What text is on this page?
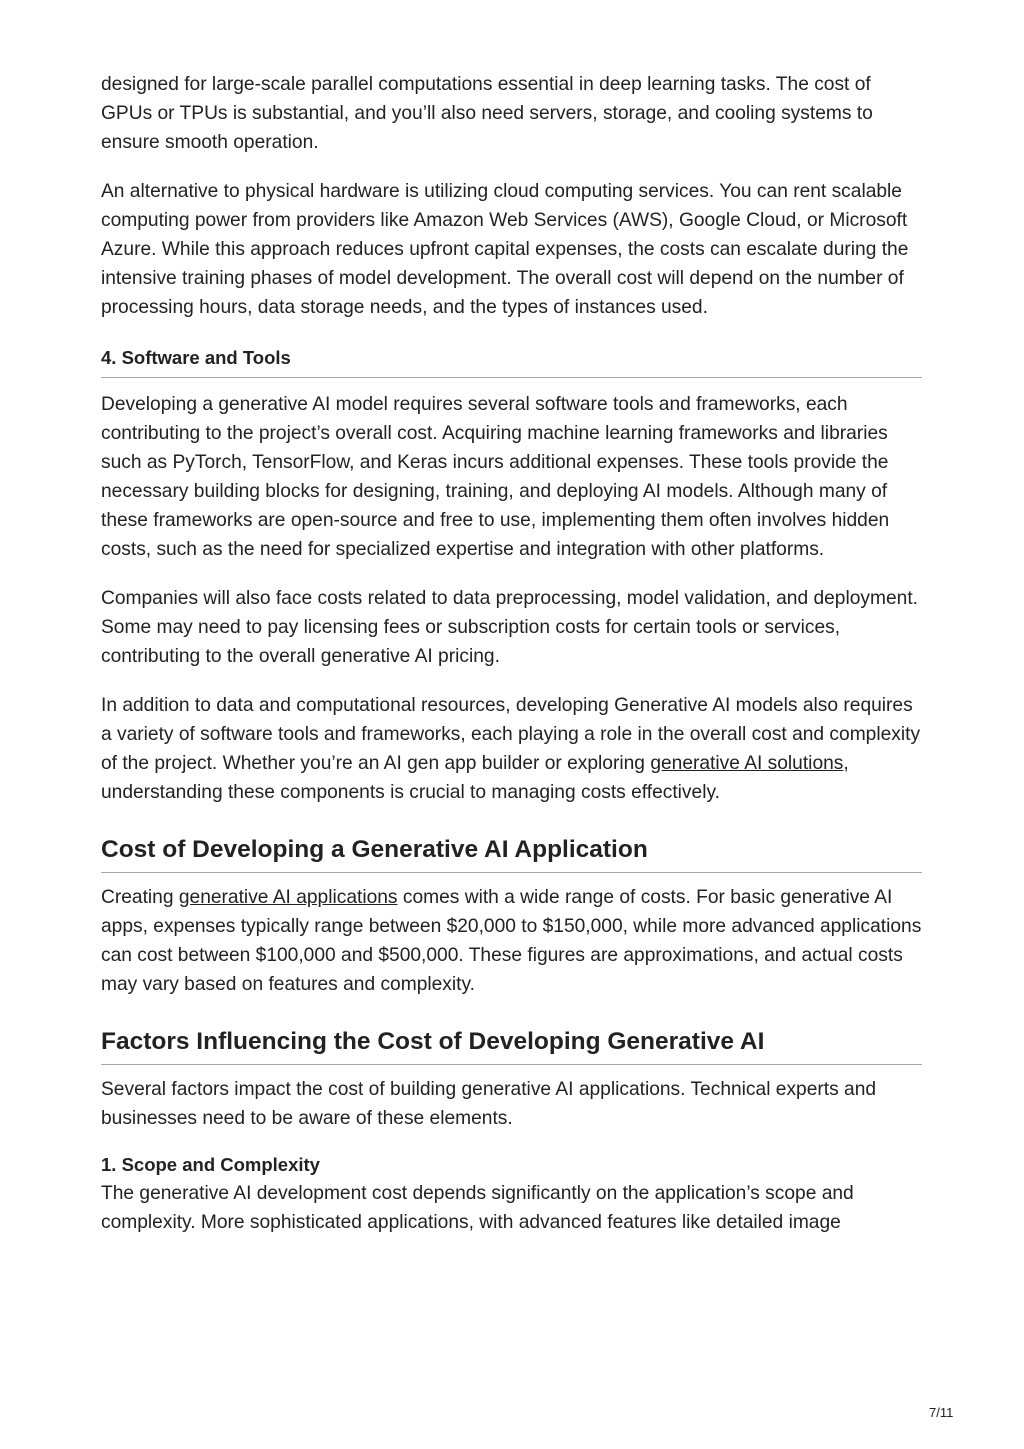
designed for large-scale parallel computations essential in deep learning tasks. The cost of GPUs or TPUs is substantial, and you’ll also need servers, storage, and cooling systems to ensure smooth operation.

An alternative to physical hardware is utilizing cloud computing services. You can rent scalable computing power from providers like Amazon Web Services (AWS), Google Cloud, or Microsoft Azure. While this approach reduces upfront capital expenses, the costs can escalate during the intensive training phases of model development. The overall cost will depend on the number of processing hours, data storage needs, and the types of instances used.

4. Software and Tools

Developing a generative AI model requires several software tools and frameworks, each contributing to the project’s overall cost. Acquiring machine learning frameworks and libraries such as PyTorch, TensorFlow, and Keras incurs additional expenses. These tools provide the necessary building blocks for designing, training, and deploying AI models. Although many of these frameworks are open-source and free to use, implementing them often involves hidden costs, such as the need for specialized expertise and integration with other platforms.

Companies will also face costs related to data preprocessing, model validation, and deployment. Some may need to pay licensing fees or subscription costs for certain tools or services, contributing to the overall generative AI pricing.

In addition to data and computational resources, developing Generative AI models also requires a variety of software tools and frameworks, each playing a role in the overall cost and complexity of the project. Whether you’re an AI gen app builder or exploring generative AI solutions, understanding these components is crucial to managing costs effectively.

Cost of Developing a Generative AI Application

Creating generative AI applications comes with a wide range of costs. For basic generative AI apps, expenses typically range between $20,000 to $150,000, while more advanced applications can cost between $100,000 and $500,000. These figures are approximations, and actual costs may vary based on features and complexity.

Factors Influencing the Cost of Developing Generative AI

Several factors impact the cost of building generative AI applications. Technical experts and businesses need to be aware of these elements.

1. Scope and Complexity

The generative AI development cost depends significantly on the application’s scope and complexity. More sophisticated applications, with advanced features like detailed image

7/11
